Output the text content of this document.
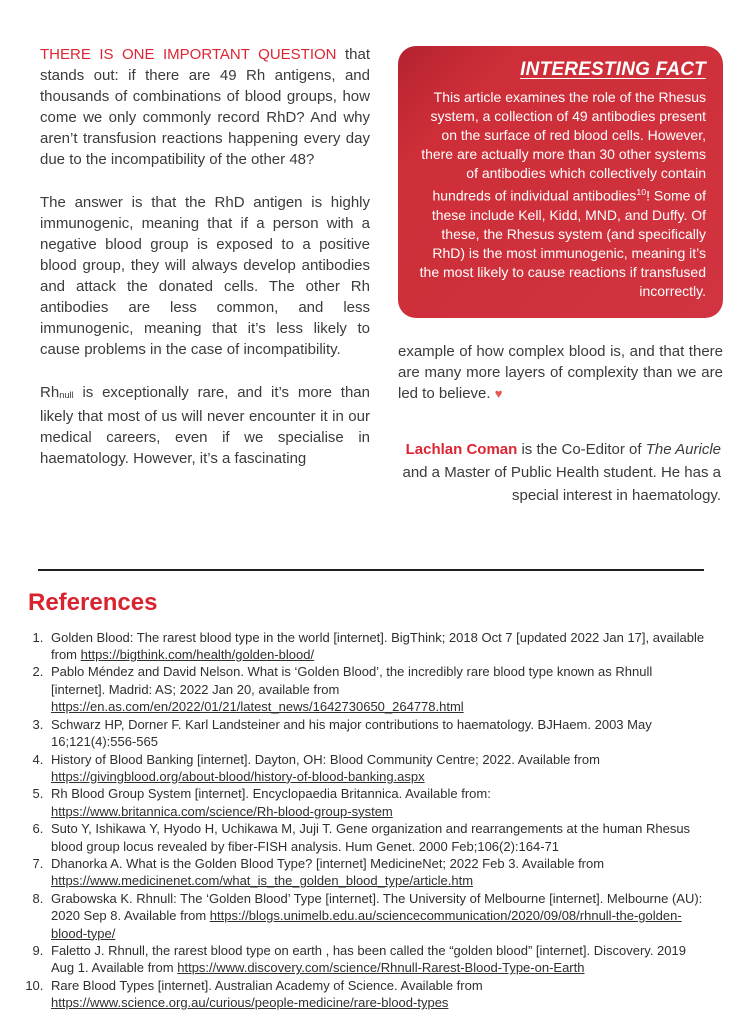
THERE IS ONE IMPORTANT QUESTION that stands out: if there are 49 Rh antigens, and thousands of combinations of blood groups, how come we only commonly record RhD? And why aren’t transfusion reactions happening every day due to the incompatibility of the other 48?

The answer is that the RhD antigen is highly immunogenic, meaning that if a person with a negative blood group is exposed to a positive blood group, they will always develop antibodies and attack the donated cells. The other Rh antibodies are less common, and less immunogenic, meaning that it’s less likely to cause problems in the case of incompatibility.

Rhnull is exceptionally rare, and it’s more than likely that most of us will never encounter it in our medical careers, even if we specialise in haematology. However, it’s a fascinating

INTERESTING FACT

This article examines the role of the Rhesus system, a collection of 49 antibodies present on the surface of red blood cells. However, there are actually more than 30 other systems of antibodies which collectively contain hundreds of individual antibodies$^{10}$! Some of these include Kell, Kidd, MND, and Duffy. Of these, the Rhesus system (and specifically RhD) is the most immunogenic, meaning it’s the most likely to cause reactions if transfused incorrectly.

example of how complex blood is, and that there are many more layers of complexity than we are led to believe. ♥

Lachlan Coman is the Co-Editor of The Auricle and a Master of Public Health student. He has a special interest in haematology.

References
1. Golden Blood: The rarest blood type in the world [internet]. BigThink; 2018 Oct 7 [updated 2022 Jan 17], available from https://bigthink.com/health/golden-blood/
2. Pablo Méndez and David Nelson. What is ‘Golden Blood’, the incredibly rare blood type known as Rhnull [internet]. Madrid: AS; 2022 Jan 20, available from https://en.as.com/en/2022/01/21/latest_news/1642730650_264778.html
3. Schwarz HP, Dorner F. Karl Landsteiner and his major contributions to haematology. BJHaem. 2003 May 16;121(4):556-565
4. History of Blood Banking [internet]. Dayton, OH: Blood Community Centre; 2022. Available from https://givingblood.org/about-blood/history-of-blood-banking.aspx
5. Rh Blood Group System [internet]. Encyclopaedia Britannica. Available from: https://www.britannica.com/science/Rh-blood-group-system
6. Suto Y, Ishikawa Y, Hyodo H, Uchikawa M, Juji T. Gene organization and rearrangements at the human Rhesus blood group locus revealed by fiber-FISH analysis. Hum Genet. 2000 Feb;106(2):164-71
7. Dhanorka A. What is the Golden Blood Type? [internet] MedicineNet; 2022 Feb 3. Available from https://www.medicinenet.com/what_is_the_golden_blood_type/article.htm
8. Grabowska K. Rhnull: The ‘Golden Blood’ Type [internet]. The University of Melbourne [internet]. Melbourne (AU): 2020 Sep 8. Available from https://blogs.unimelb.edu.au/sciencecommunication/2020/09/08/rhnull-the-golden-blood-type/
9. Faletto J. Rhnull, the rarest blood type on earth , has been called the “golden blood” [internet]. Discovery. 2019 Aug 1. Available from https://www.discovery.com/science/Rhnull-Rarest-Blood-Type-on-Earth
10. Rare Blood Types [internet]. Australian Academy of Science. Available from https://www.science.org.au/curious/people-medicine/rare-blood-types
